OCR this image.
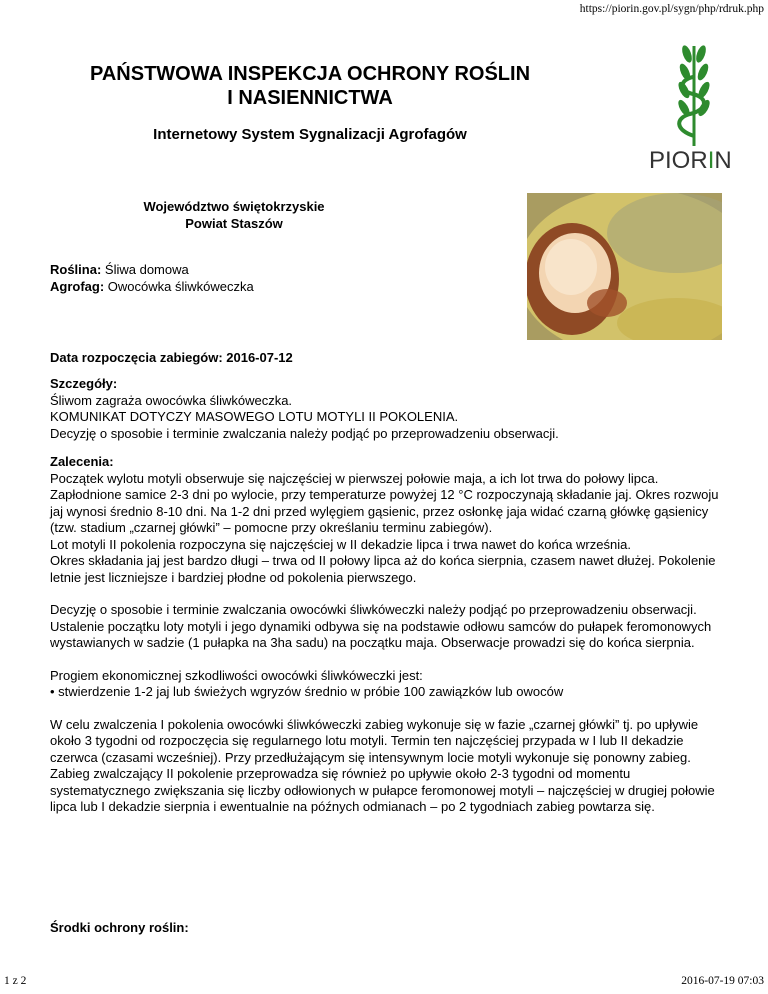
https://piorin.gov.pl/sygn/php/rdruk.php
PAŃSTWOWA INSPEKCJA OCHRONY ROŚLIN
I NASIENNICTWA
Internetowy System Sygnalizacji Agrofagów
PIORIN
Województwo świętokrzyskie
Powiat Staszów

Roślina: Śliwa domowa

Agrofag: Owocówka śliwkóweczka

Data rozpoczęcia zabiegów: 2016-07-12

Szczegóły:

Śliwom zagraża owocówka śliwkóweczka.

KOMUNIKAT DOTYCZY MASOWEGO LOTU MOTYLI II POKOLENIA.

Decyzję o sposobie i terminie zwalczania należy podjąć po przeprowadzeniu obserwacji.

Zalecenia:

Początek wylotu motyli obserwuje się najczęściej w pierwszej połowie maja, a ich lot trwa do połowy lipca. Zapłodnione samice 2-3 dni po wylocie, przy temperaturze powyżej 12 °C rozpoczynają składanie jaj. Okres rozwoju jaj wynosi średnio 8-10 dni. Na 1-2 dni przed wylęgiem gąsienic, przez osłonkę jaja widać czarną główkę gąsienicy (tzw. stadium „czarnej główki” – pomocne przy określaniu terminu zabiegów).

Lot motyli II pokolenia rozpoczyna się najczęściej w II dekadzie lipca i trwa nawet do końca września.

Okres składania jaj jest bardzo długi – trwa od II połowy lipca aż do końca sierpnia, czasem nawet dłużej. Pokolenie letnie jest liczniejsze i bardziej płodne od pokolenia pierwszego.

Decyzję o sposobie i terminie zwalczania owocówki śliwkóweczki należy podjąć po przeprowadzeniu obserwacji.

Ustalenie początku loty motyli i jego dynamiki odbywa się na podstawie odłowu samców do pułapek feromonowych wystawianych w sadzie (1 pułapka na 3ha sadu) na początku maja. Obserwacje prowadzi się do końca sierpnia.

Progiem ekonomicznej szkodliwości owocówki śliwkóweczki jest:

• stwierdzenie 1-2 jaj lub świeżych wgryzów średnio w próbie 100 zawiązków lub owoców

W celu zwalczenia I pokolenia owocówki śliwkóweczki zabieg wykonuje się w fazie „czarnej główki” tj. po upływie około 3 tygodni od rozpoczęcia się regularnego lotu motyli. Termin ten najczęściej przypada w I lub II dekadzie czerwca (czasami wcześniej). Przy przedłużającym się intensywnym locie motyli wykonuje się ponowny zabieg.

Zabieg zwalczający II pokolenie przeprowadza się również po upływie około 2-3 tygodni od momentu systematycznego zwiększania się liczby odłowionych w pułapce feromonowej motyli – najczęściej w drugiej połowie lipca lub I dekadzie sierpnia i ewentualnie na późnych odmianach – po 2 tygodniach zabieg powtarza się.

Środki ochrony roślin:
1 z 2	2016-07-19 07:03
